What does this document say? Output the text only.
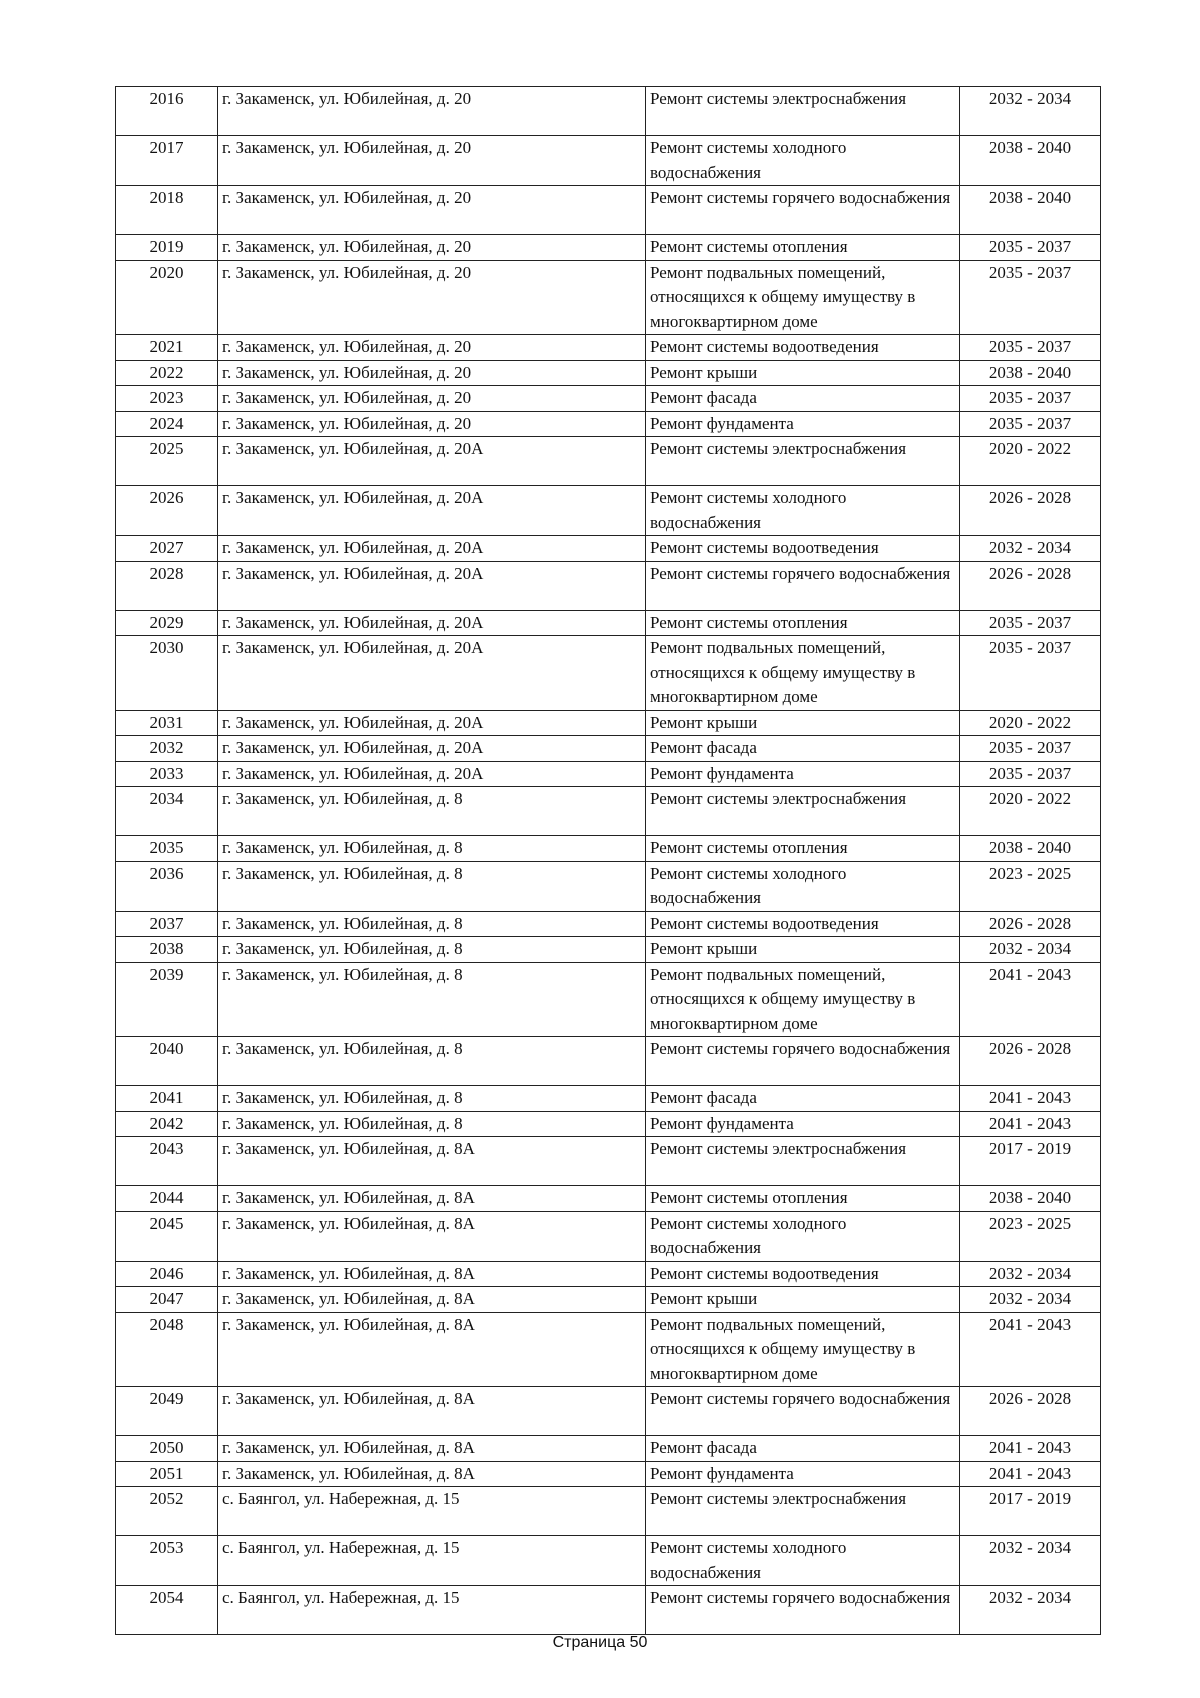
2016	г. Закаменск, ул. Юбилейная, д. 20	Ремонт системы электроснабжения	2032 - 2034
2017	г. Закаменск, ул. Юбилейная, д. 20	Ремонт системы холодного водоснабжения	2038 - 2040
2018	г. Закаменск, ул. Юбилейная, д. 20	Ремонт системы горячего водоснабжения	2038 - 2040
2019	г. Закаменск, ул. Юбилейная, д. 20	Ремонт системы отопления	2035 - 2037
2020	г. Закаменск, ул. Юбилейная, д. 20	Ремонт подвальных помещений, относящихся к общему имуществу в многоквартирном доме	2035 - 2037
2021	г. Закаменск, ул. Юбилейная, д. 20	Ремонт системы водоотведения	2035 - 2037
2022	г. Закаменск, ул. Юбилейная, д. 20	Ремонт крыши	2038 - 2040
2023	г. Закаменск, ул. Юбилейная, д. 20	Ремонт фасада	2035 - 2037
2024	г. Закаменск, ул. Юбилейная, д. 20	Ремонт фундамента	2035 - 2037
2025	г. Закаменск, ул. Юбилейная, д. 20А	Ремонт системы электроснабжения	2020 - 2022
2026	г. Закаменск, ул. Юбилейная, д. 20А	Ремонт системы холодного водоснабжения	2026 - 2028
2027	г. Закаменск, ул. Юбилейная, д. 20А	Ремонт системы водоотведения	2032 - 2034
2028	г. Закаменск, ул. Юбилейная, д. 20А	Ремонт системы горячего водоснабжения	2026 - 2028
2029	г. Закаменск, ул. Юбилейная, д. 20А	Ремонт системы отопления	2035 - 2037
2030	г. Закаменск, ул. Юбилейная, д. 20А	Ремонт подвальных помещений, относящихся к общему имуществу в многоквартирном доме	2035 - 2037
2031	г. Закаменск, ул. Юбилейная, д. 20А	Ремонт крыши	2020 - 2022
2032	г. Закаменск, ул. Юбилейная, д. 20А	Ремонт фасада	2035 - 2037
2033	г. Закаменск, ул. Юбилейная, д. 20А	Ремонт фундамента	2035 - 2037
2034	г. Закаменск, ул. Юбилейная, д. 8	Ремонт системы электроснабжения	2020 - 2022
2035	г. Закаменск, ул. Юбилейная, д. 8	Ремонт системы отопления	2038 - 2040
2036	г. Закаменск, ул. Юбилейная, д. 8	Ремонт системы холодного водоснабжения	2023 - 2025
2037	г. Закаменск, ул. Юбилейная, д. 8	Ремонт системы водоотведения	2026 - 2028
2038	г. Закаменск, ул. Юбилейная, д. 8	Ремонт крыши	2032 - 2034
2039	г. Закаменск, ул. Юбилейная, д. 8	Ремонт подвальных помещений, относящихся к общему имуществу в многоквартирном доме	2041 - 2043
2040	г. Закаменск, ул. Юбилейная, д. 8	Ремонт системы горячего водоснабжения	2026 - 2028
2041	г. Закаменск, ул. Юбилейная, д. 8	Ремонт фасада	2041 - 2043
2042	г. Закаменск, ул. Юбилейная, д. 8	Ремонт фундамента	2041 - 2043
2043	г. Закаменск, ул. Юбилейная, д. 8А	Ремонт системы электроснабжения	2017 - 2019
2044	г. Закаменск, ул. Юбилейная, д. 8А	Ремонт системы отопления	2038 - 2040
2045	г. Закаменск, ул. Юбилейная, д. 8А	Ремонт системы холодного водоснабжения	2023 - 2025
2046	г. Закаменск, ул. Юбилейная, д. 8А	Ремонт системы водоотведения	2032 - 2034
2047	г. Закаменск, ул. Юбилейная, д. 8А	Ремонт крыши	2032 - 2034
2048	г. Закаменск, ул. Юбилейная, д. 8А	Ремонт подвальных помещений, относящихся к общему имуществу в многоквартирном доме	2041 - 2043
2049	г. Закаменск, ул. Юбилейная, д. 8А	Ремонт системы горячего водоснабжения	2026 - 2028
2050	г. Закаменск, ул. Юбилейная, д. 8А	Ремонт фасада	2041 - 2043
2051	г. Закаменск, ул. Юбилейная, д. 8А	Ремонт фундамента	2041 - 2043
2052	с. Баянгол, ул. Набережная, д. 15	Ремонт системы электроснабжения	2017 - 2019
2053	с. Баянгол, ул. Набережная, д. 15	Ремонт системы холодного водоснабжения	2032 - 2034
2054	с. Баянгол, ул. Набережная, д. 15	Ремонт системы горячего водоснабжения	2032 - 2034
Страница 50
